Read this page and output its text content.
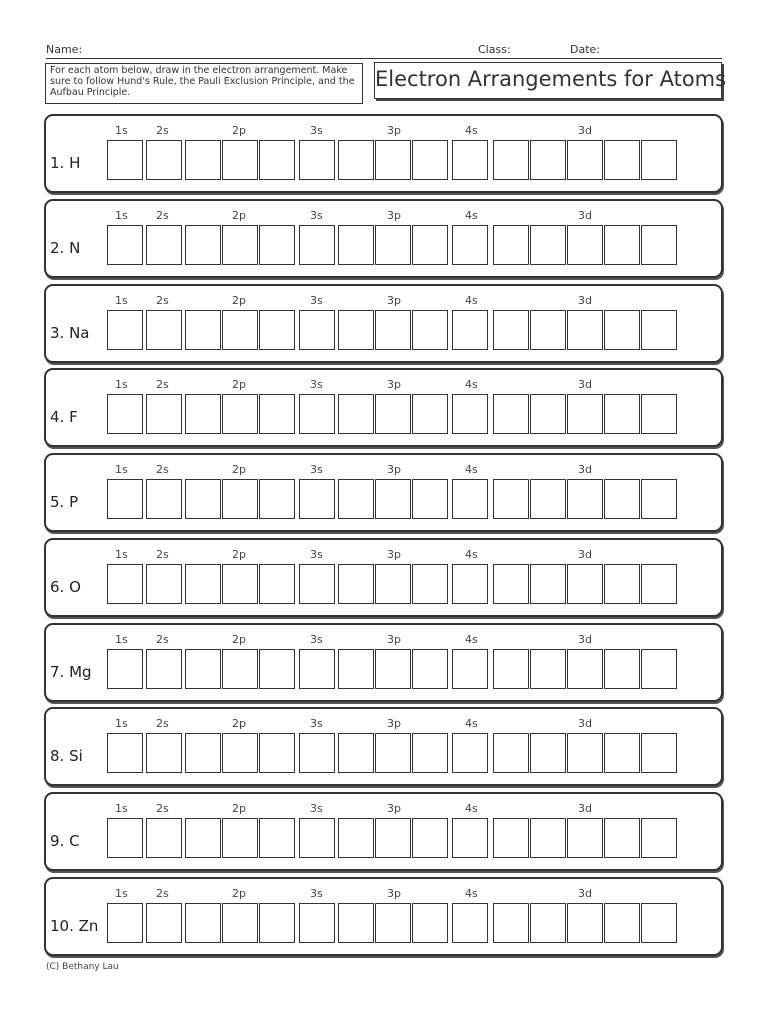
Name:	Class:	Date:
For each atom below, draw in the electron arrangement. Make sure to follow Hund's Rule, the Pauli Exclusion Principle, and the Aufbau Principle.
Electron Arrangements for Atoms
1. H
1s	2s	2p	3s	3p	4s	3d
2. N
1s	2s	2p	3s	3p	4s	3d
3. Na
1s	2s	2p	3s	3p	4s	3d
4. F
1s	2s	2p	3s	3p	4s	3d
5. P
1s	2s	2p	3s	3p	4s	3d
6. O
1s	2s	2p	3s	3p	4s	3d
7. Mg
1s	2s	2p	3s	3p	4s	3d
8. Si
1s	2s	2p	3s	3p	4s	3d
9. C
1s	2s	2p	3s	3p	4s	3d
10. Zn
1s	2s	2p	3s	3p	4s	3d
(C) Bethany Lau
